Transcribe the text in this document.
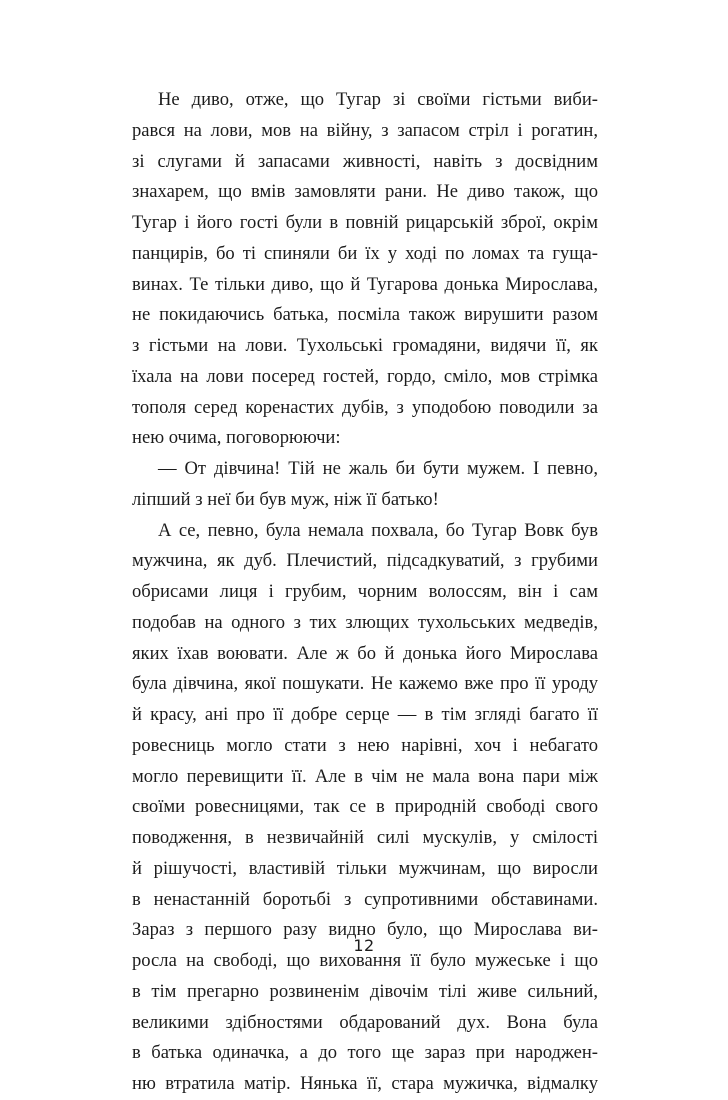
Не диво, отже, що Тугар зі своїми гістьми виби-
рався на лови, мов на війну, з запасом стріл і рогатин,
зі слугами й запасами живності, навіть з досвідним
знахарем, що вмів замовляти рани. Не диво також, що
Тугар і його гості були в повній рицарській зброї, окрім
панцирів, бо ті спиняли би їх у ході по ломах та гуща-
винах. Те тільки диво, що й Тугарова донька Мирослава,
не покидаючись батька, посміла також вирушити разом
з гістьми на лови. Тухольські громадяни, видячи її, як
їхала на лови посеред гостей, гордо, сміло, мов стрімка
тополя серед коренастих дубів, з уподобою поводили за
нею очима, поговорюючи:
— От дівчина! Тій не жаль би бути мужем. І певно,
ліпший з неї би був муж, ніж її батько!
А се, певно, була немала похвала, бо Тугар Вовк був
мужчина, як дуб. Плечистий, підсадкуватий, з грубими
обрисами лиця і грубим, чорним волоссям, він і сам
подобав на одного з тих злющих тухольських медведів,
яких їхав воювати. Але ж бо й донька його Мирослава
була дівчина, якої пошукати. Не кажемо вже про її уроду
й красу, ані про її добре серце — в тім згляді багато її
ровесниць могло стати з нею нарівні, хоч і небагато
могло перевищити її. Але в чім не мала вона пари між
своїми ровесницями, так се в природній свободі свого
поводження, в незвичайній силі мускулів, у смілості
й рішучості, властивій тільки мужчинам, що виросли
в ненастанній боротьбі з супротивними обставинами.
Зараз з першого разу видно було, що Мирослава ви-
росла на свободі, що виховання її було мужеське і що
в тім прегарно розвиненім дівочім тілі живе сильний,
великими здібностями обдарований дух. Вона була
в батька одиначка, а до того ще зараз при народжен-
ню втратила матір. Нянька її, стара мужичка, відмалку
12
